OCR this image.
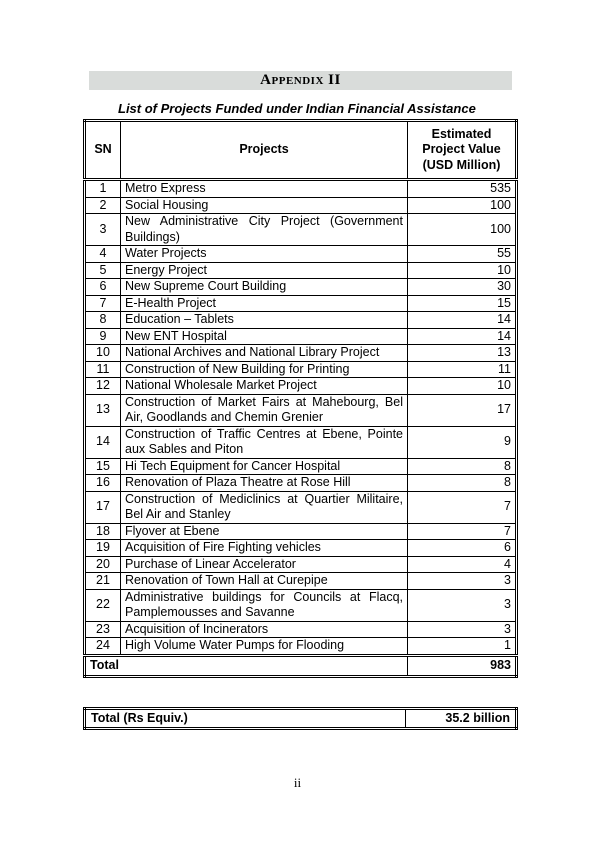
Appendix II
List of Projects Funded under Indian Financial Assistance
SN	Projects	Estimated Project Value (USD Million)
1	Metro Express	535
2	Social Housing	100
3	New Administrative City Project (Government Buildings)	100
4	Water Projects	55
5	Energy Project	10
6	New Supreme Court Building	30
7	E-Health Project	15
8	Education – Tablets	14
9	New ENT Hospital	14
10	National Archives and National Library Project	13
11	Construction of New Building for Printing	11
12	National Wholesale Market Project	10
13	Construction of Market Fairs at Mahebourg, Bel Air, Goodlands and Chemin Grenier	17
14	Construction of Traffic Centres at Ebene, Pointe aux Sables and Piton	9
15	Hi Tech Equipment for Cancer Hospital	8
16	Renovation of Plaza Theatre at Rose Hill	8
17	Construction of Mediclinics at Quartier Militaire, Bel Air and Stanley	7
18	Flyover at Ebene	7
19	Acquisition of Fire Fighting vehicles	6
20	Purchase of Linear Accelerator	4
21	Renovation of Town Hall at Curepipe	3
22	Administrative buildings for Councils at Flacq, Pamplemousses and Savanne	3
23	Acquisition of Incinerators	3
24	High Volume Water Pumps for Flooding	1
Total		983
Total (Rs Equiv.)	35.2 billion
ii
